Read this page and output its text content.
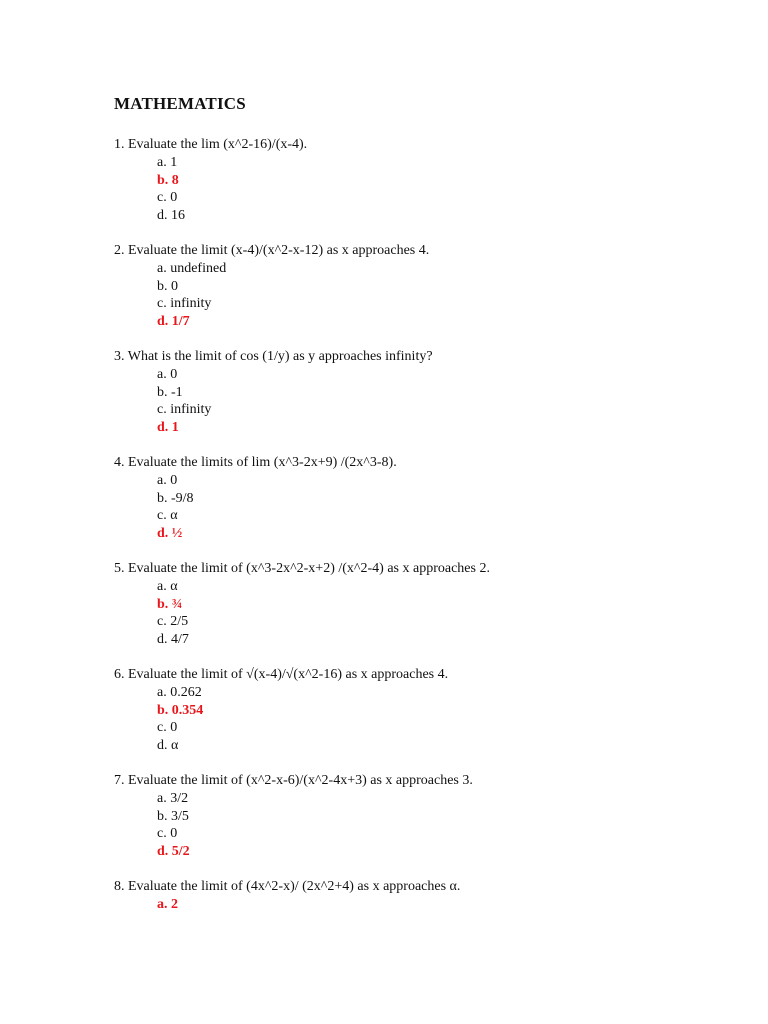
MATHEMATICS
1. Evaluate the lim (x^2-16)/(x-4).
a. 1
b. 8
c. 0
d. 16
2. Evaluate the limit (x-4)/(x^2-x-12) as x approaches 4.
a. undefined
b. 0
c. infinity
d. 1/7
3. What is the limit of cos (1/y) as y approaches infinity?
a. 0
b. -1
c. infinity
d. 1
4. Evaluate the limits of lim (x^3-2x+9) /(2x^3-8).
a. 0
b. -9/8
c. α
d. ½
5. Evaluate the limit of (x^3-2x^2-x+2) /(x^2-4) as x approaches 2.
a. α
b. ¾
c. 2/5
d. 4/7
6. Evaluate the limit of √(x-4)/√(x^2-16) as x approaches 4.
a. 0.262
b. 0.354
c. 0
d. α
7. Evaluate the limit of (x^2-x-6)/(x^2-4x+3) as x approaches 3.
a. 3/2
b. 3/5
c. 0
d. 5/2
8. Evaluate the limit of (4x^2-x)/ (2x^2+4) as x approaches α.
a. 2
